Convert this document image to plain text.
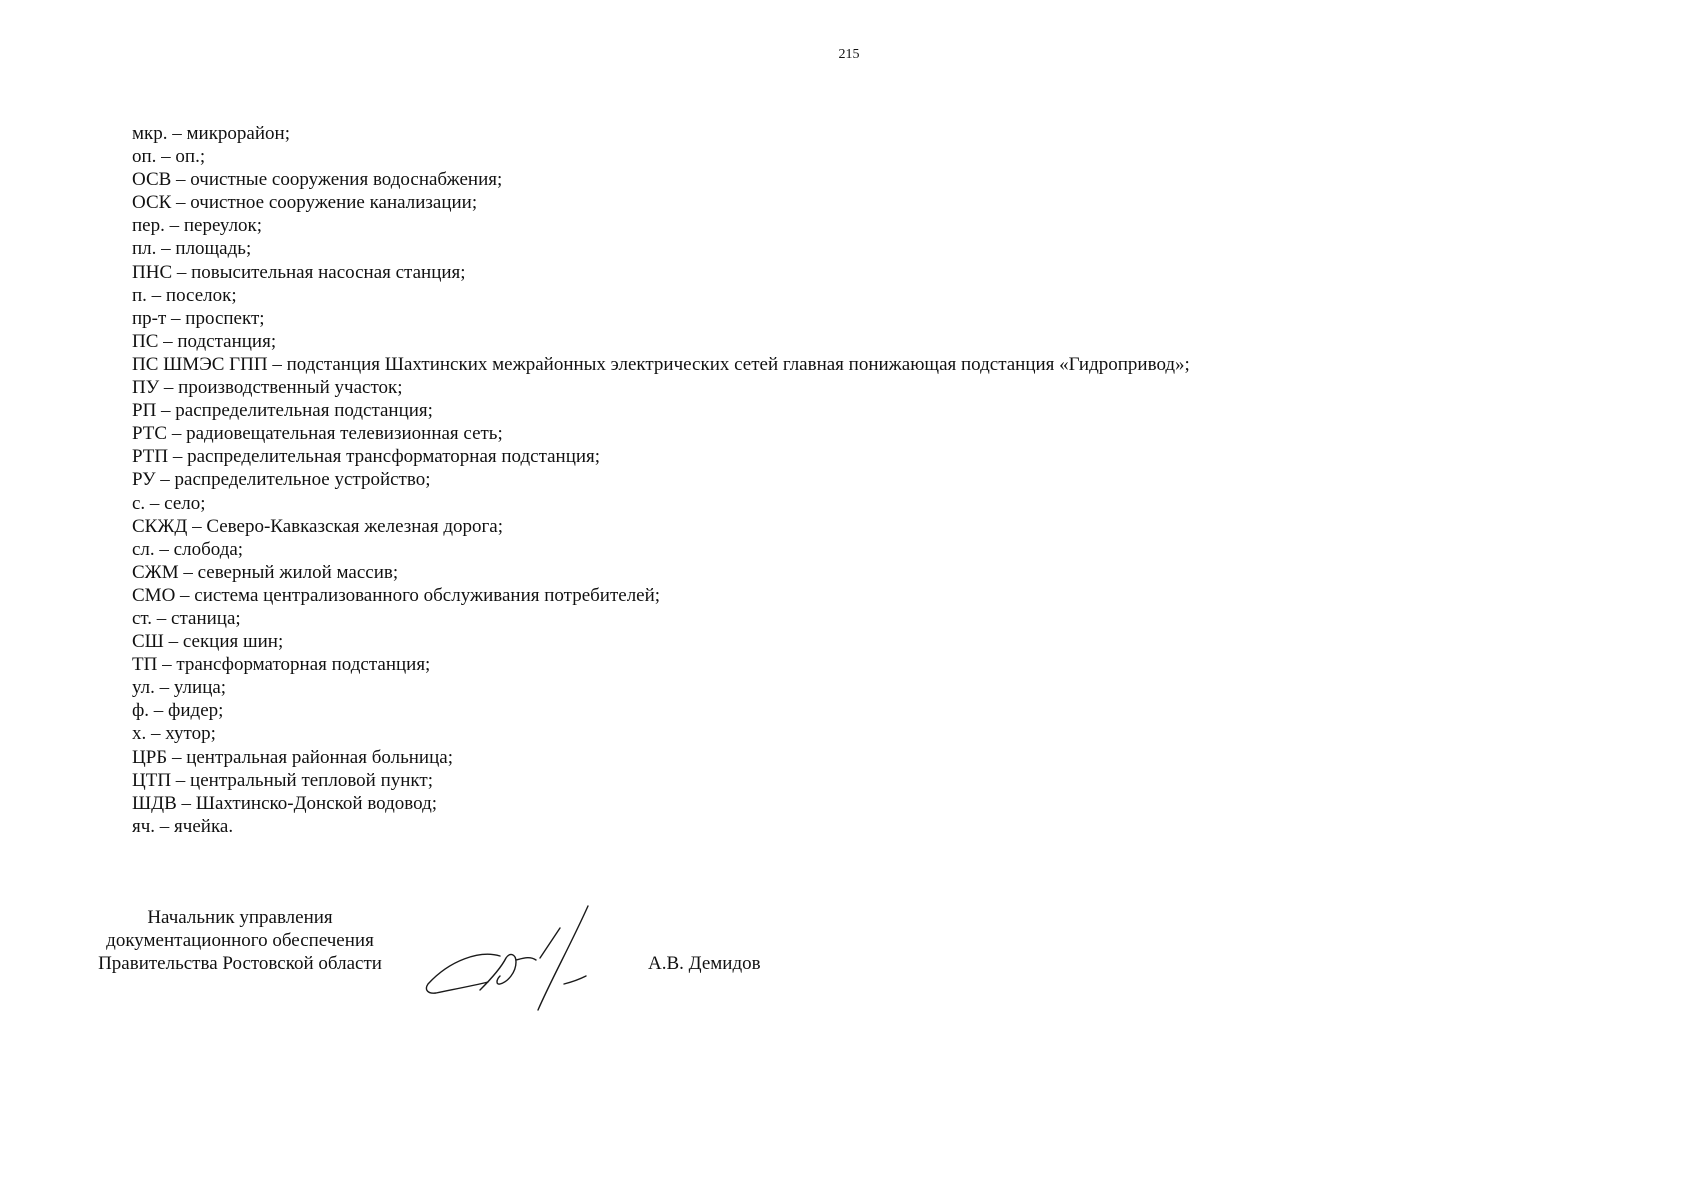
215
мкр. – микрорайон;
оп. – оп.;
ОСВ – очистные сооружения водоснабжения;
ОСК – очистное сооружение канализации;
пер. – переулок;
пл. – площадь;
ПНС – повысительная насосная станция;
п. – поселок;
пр-т – проспект;
ПС – подстанция;
ПС ШМЭС ГПП – подстанция Шахтинских межрайонных электрических сетей главная понижающая подстанция «Гидропривод»;
ПУ – производственный участок;
РП – распределительная подстанция;
РТС – радиовещательная телевизионная сеть;
РТП – распределительная трансформаторная подстанция;
РУ – распределительное устройство;
с. – село;
СКЖД – Северо-Кавказская железная дорога;
сл. – слобода;
СЖМ – северный жилой массив;
СМО – система централизованного обслуживания потребителей;
ст. – станица;
СШ – секция шин;
ТП – трансформаторная подстанция;
ул. – улица;
ф. – фидер;
х. – хутор;
ЦРБ – центральная районная больница;
ЦТП – центральный тепловой пункт;
ШДВ – Шахтинско-Донской водовод;
яч. – ячейка.
Начальник управления
документационного обеспечения
Правительства Ростовской области	А.В. Демидов
